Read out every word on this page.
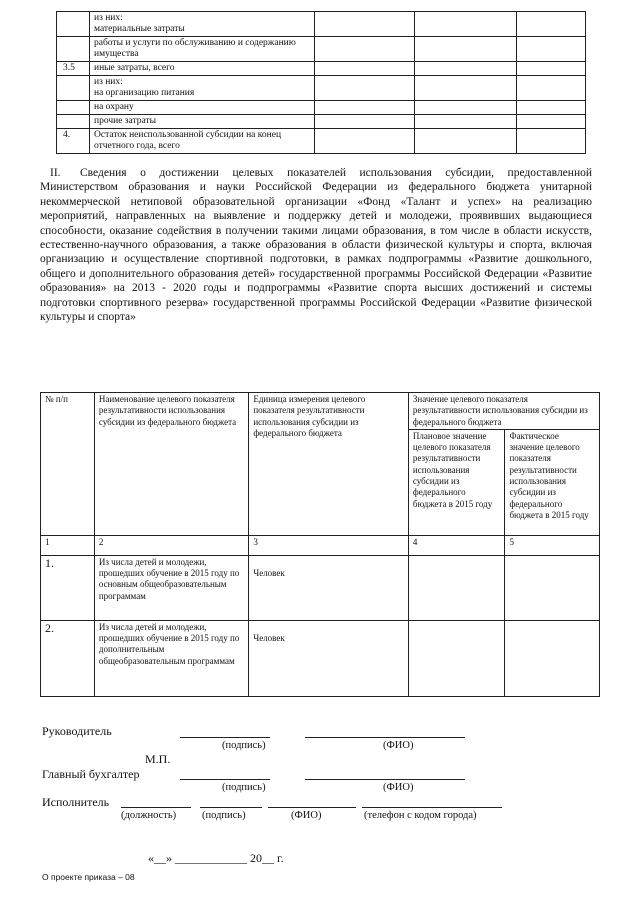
	из них:
материальные затраты			
	работы и услуги по обслуживанию и содержанию имущества			
3.5	иные затраты, всего			
	из них:
на организацию питания			
	на охрану			
	прочие затраты			
4.	Остаток неиспользованной субсидии на конец отчетного года, всего			
II. Сведения о достижении целевых показателей использования субсидии, предоставленной Министерством образования и науки Российской Федерации из федерального бюджета унитарной некоммерческой нетиповой образовательной организации «Фонд «Талант и успех» на реализацию мероприятий, направленных на выявление и поддержку детей и молодежи, проявивших выдающиеся способности, оказание содействия в получении такими лицами образования, в том числе в области искусств, естественно-научного образования, а также образования в области физической культуры и спорта, включая организацию и осуществление спортивной подготовки, в рамках подпрограммы «Развитие дошкольного, общего и дополнительного образования детей» государственной программы Российской Федерации «Развитие образования» на 2013 - 2020 годы и подпрограммы «Развитие спорта высших достижений и системы подготовки спортивного резерва» государственной программы Российской Федерации «Развитие физической культуры и спорта»
№ п/п	Наименование целевого показателя результативности использования субсидии из федерального бюджета	Единица измерения целевого показателя результативности использования субсидии из федерального бюджета	Значение целевого показателя результативности использования субсидии из федерального бюджета	
			Плановое значение целевого показателя результативности использования субсидии из федерального бюджета в 2015 году	Фактическое значение целевого показателя результативности использования субсидии из федерального бюджета в 2015 году
1	2	3	4	5
1.	Из числа детей и молодежи, прошедших обучение в 2015 году по основным общеобразовательным программам	Человек		
2.	Из числа детей и молодежи, прошедших обучение в 2015 году по дополнительным общеобразовательным программам	Человек		
Руководитель
(подпись)	(ФИО)
М.П.
Главный бухгалтер
(подпись)	(ФИО)
Исполнитель
(должность) (подпись)	(ФИО)	(телефон с кодом города)
«__» ____________ 20__ г.
О проекте приказа – 08
